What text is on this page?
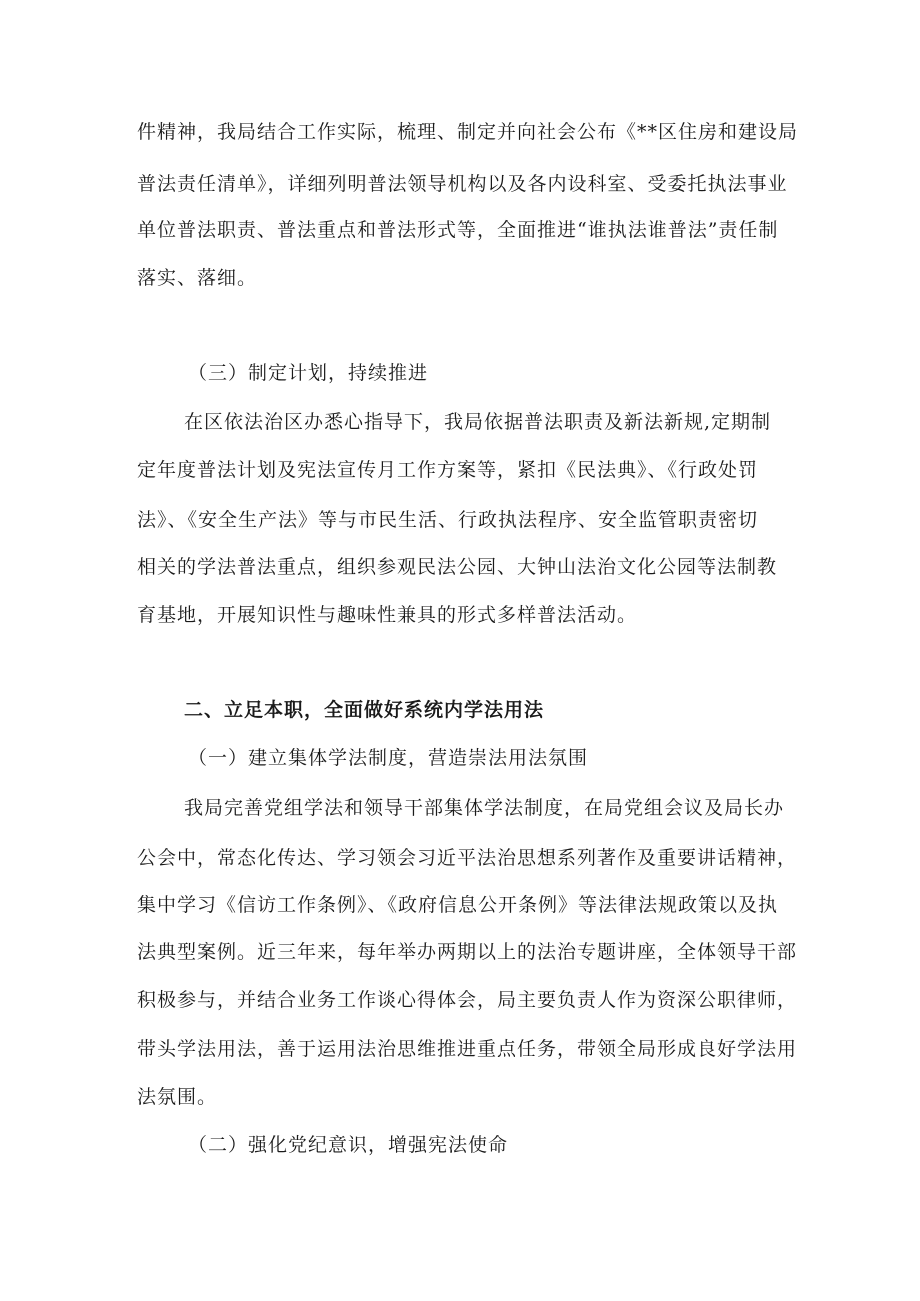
件精神，我局结合工作实际，梳理、制定并向社会公布《**区住房和建设局
普法责任清单》，详细列明普法领导机构以及各内设科室、受委托执法事业
单位普法职责、普法重点和普法形式等，全面推进“谁执法谁普法”责任制
落实、落细。
（三）制定计划，持续推进
在区依法治区办悉心指导下，我局依据普法职责及新法新规,定期制
定年度普法计划及宪法宣传月工作方案等，紧扣《民法典》、《行政处罚
法》、《安全生产法》等与市民生活、行政执法程序、安全监管职责密切
相关的学法普法重点，组织参观民法公园、大钟山法治文化公园等法制教
育基地，开展知识性与趣味性兼具的形式多样普法活动。
二、立足本职，全面做好系统内学法用法
（一）建立集体学法制度，营造崇法用法氛围
我局完善党组学法和领导干部集体学法制度，在局党组会议及局长办
公会中，常态化传达、学习领会习近平法治思想系列著作及重要讲话精神，
集中学习《信访工作条例》、《政府信息公开条例》等法律法规政策以及执
法典型案例。近三年来，每年举办两期以上的法治专题讲座，全体领导干部
积极参与，并结合业务工作谈心得体会，局主要负责人作为资深公职律师，
带头学法用法，善于运用法治思维推进重点任务，带领全局形成良好学法用
法氛围。
（二）强化党纪意识，增强宪法使命
